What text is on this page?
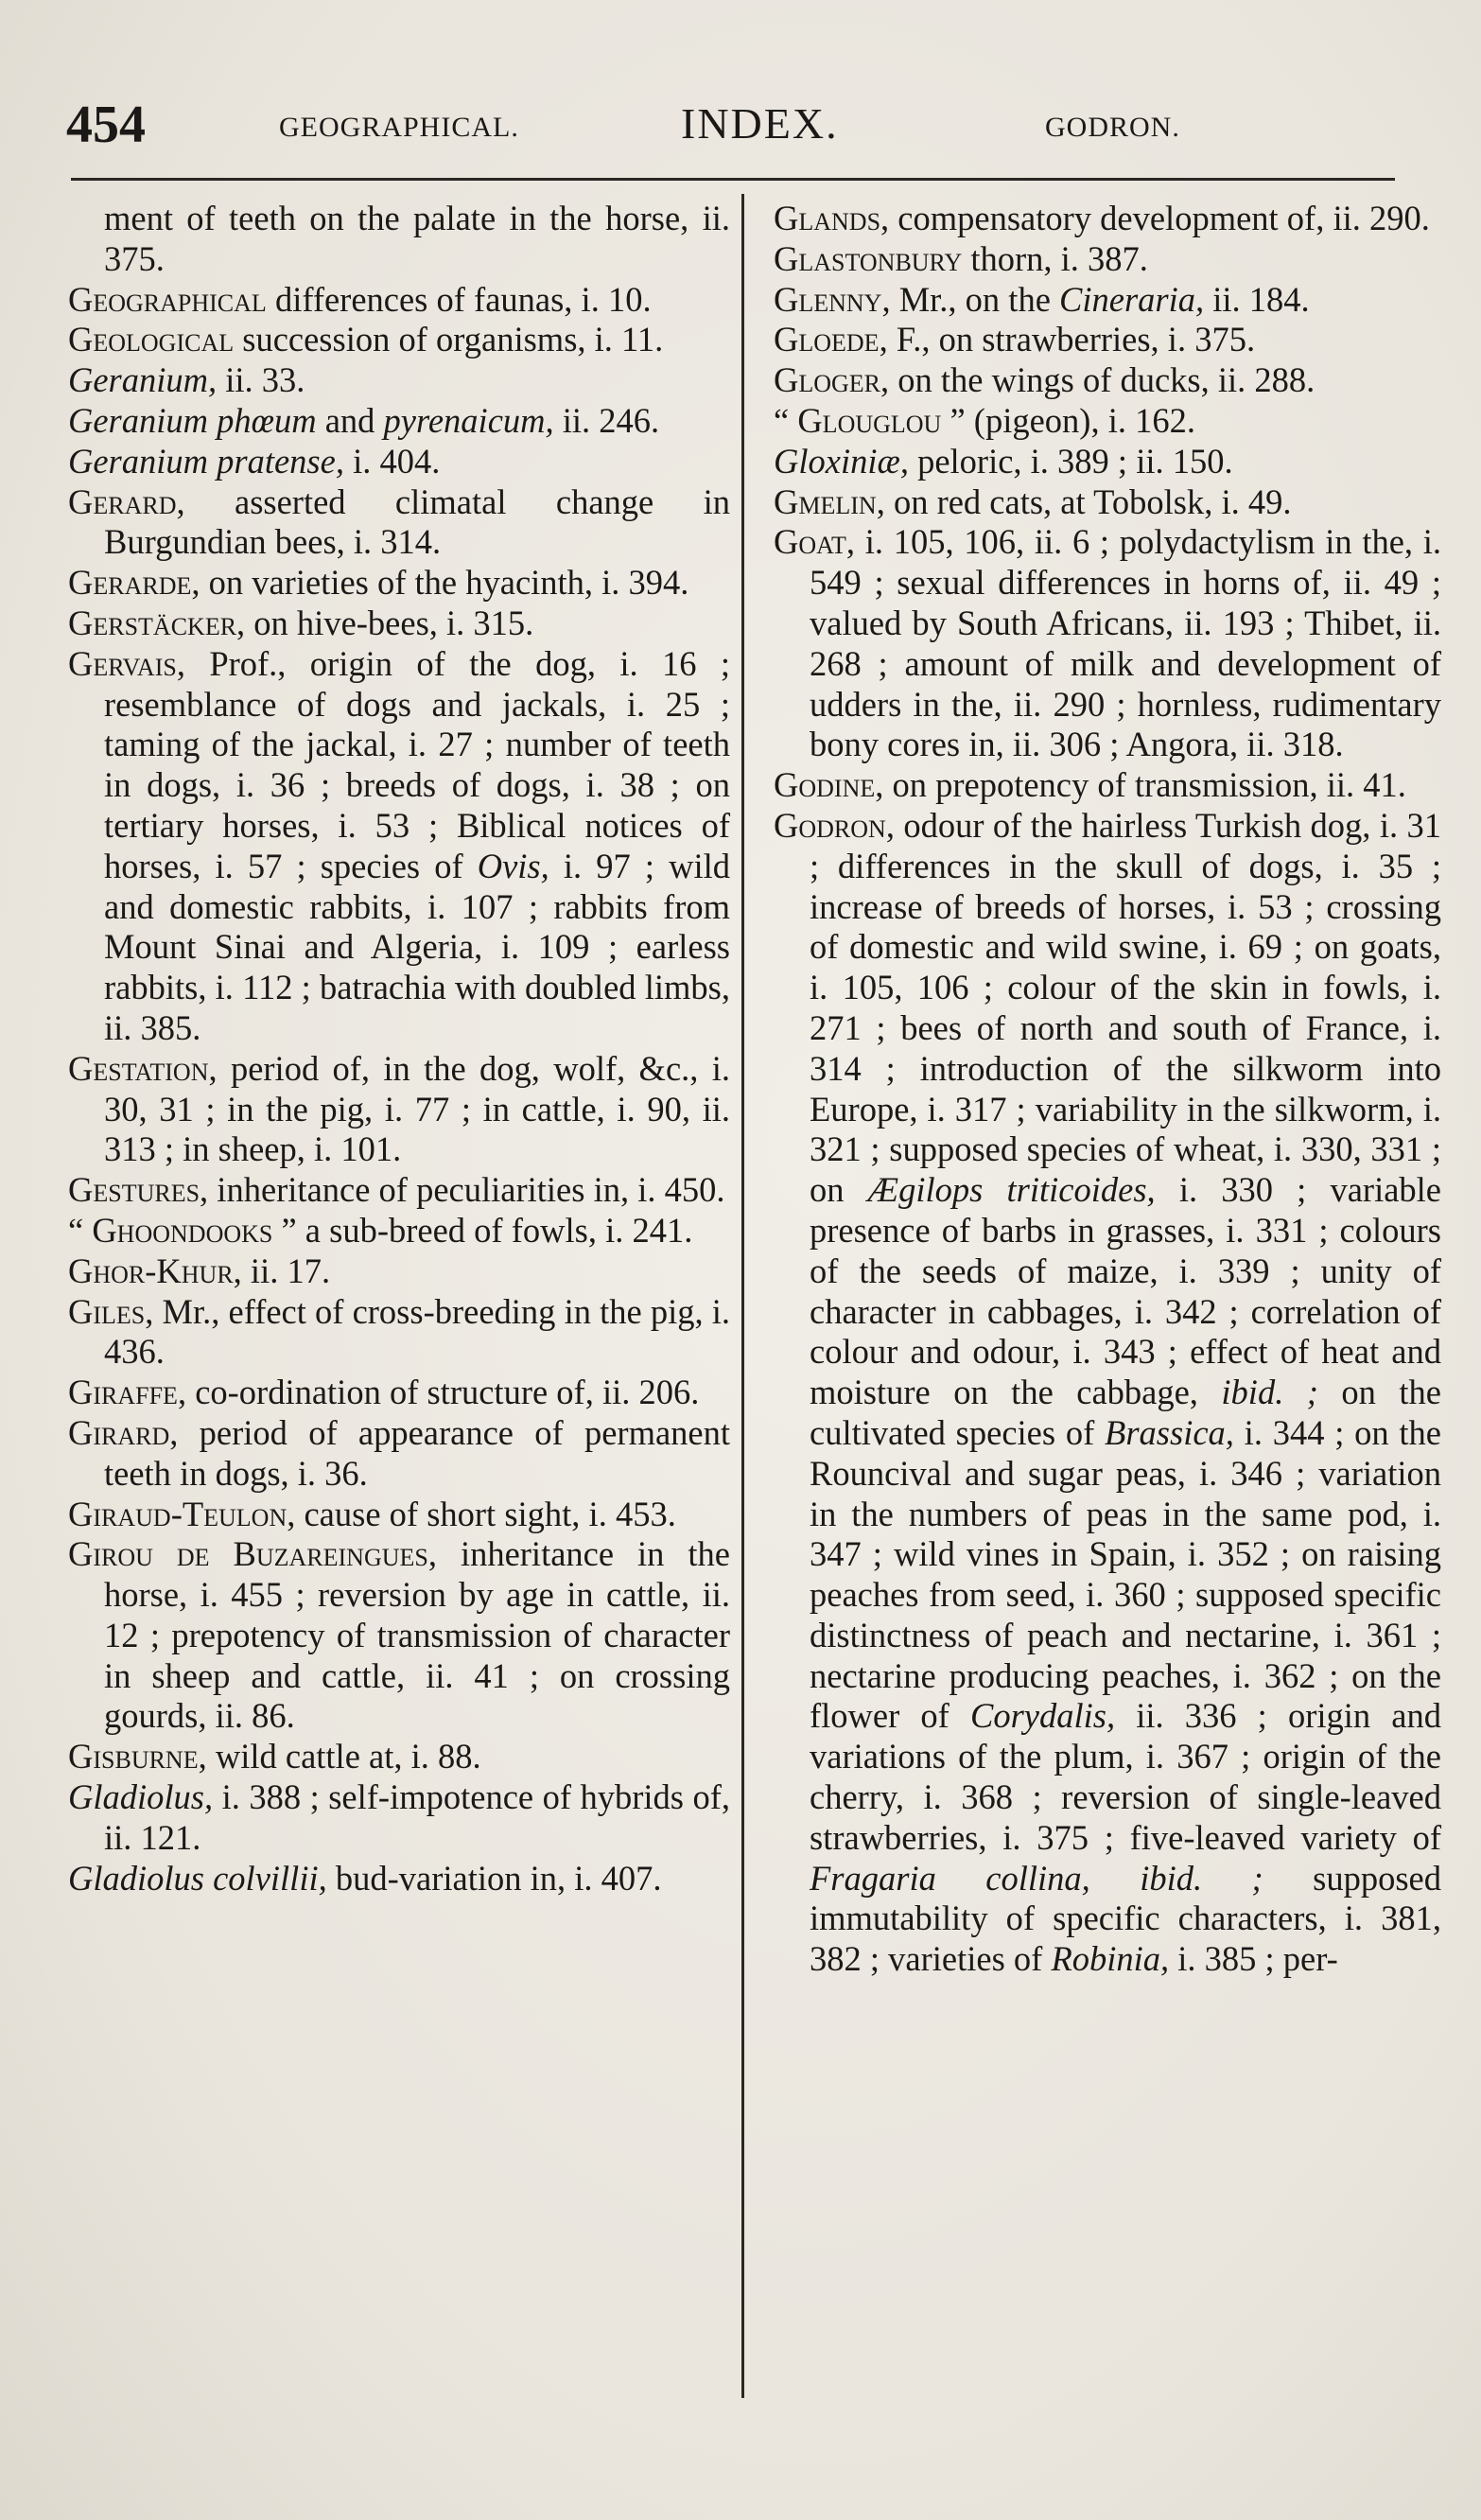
454	GEOGRAPHICAL.	INDEX.	GODRON.
ment of teeth on the palate in the horse, ii. 375.
Geographical differences of faunas, i. 10.
Geological succession of organisms, i. 11.
Geranium, ii. 33.
Geranium phœum and pyrenaicum, ii. 246.
Geranium pratense, i. 404.
Gerard, asserted climatal change in Burgundian bees, i. 314.
Gerarde, on varieties of the hyacinth, i. 394.
Gerstäcker, on hive-bees, i. 315.
Gervais, Prof., origin of the dog, i. 16 ; resemblance of dogs and jackals, i. 25 ; taming of the jackal, i. 27 ; number of teeth in dogs, i. 36 ; breeds of dogs, i. 38 ; on tertiary horses, i. 53 ; Biblical notices of horses, i. 57 ; species of Ovis, i. 97 ; wild and domestic rabbits, i. 107 ; rabbits from Mount Sinai and Algeria, i. 109 ; earless rabbits, i. 112 ; batrachia with doubled limbs, ii. 385.
Gestation, period of, in the dog, wolf, &c., i. 30, 31 ; in the pig, i. 77 ; in cattle, i. 90, ii. 313 ; in sheep, i. 101.
Gestures, inheritance of peculiarities in, i. 450.
“ Ghoondooks ” a sub-breed of fowls, i. 241.
Ghor-Khur, ii. 17.
Giles, Mr., effect of cross-breeding in the pig, i. 436.
Giraffe, co-ordination of structure of, ii. 206.
Girard, period of appearance of permanent teeth in dogs, i. 36.
Giraud-Teulon, cause of short sight, i. 453.
Girou de Buzareingues, inheritance in the horse, i. 455 ; reversion by age in cattle, ii. 12 ; prepotency of transmission of character in sheep and cattle, ii. 41 ; on crossing gourds, ii. 86.
Gisburne, wild cattle at, i. 88.
Gladiolus, i. 388 ; self-impotence of hybrids of, ii. 121.
Gladiolus colvillii, bud-variation in, i. 407.
Glands, compensatory development of, ii. 290.
Glastonbury thorn, i. 387.
Glenny, Mr., on the Cineraria, ii. 184.
Gloede, F., on strawberries, i. 375.
Gloger, on the wings of ducks, ii. 288.
“ Glouglou ” (pigeon), i. 162.
Gloxiniæ, peloric, i. 389 ; ii. 150.
Gmelin, on red cats, at Tobolsk, i. 49.
Goat, i. 105, 106, ii. 6 ; polydactylism in the, i. 549 ; sexual differences in horns of, ii. 49 ; valued by South Africans, ii. 193 ; Thibet, ii. 268 ; amount of milk and development of udders in the, ii. 290 ; hornless, rudimentary bony cores in, ii. 306 ; Angora, ii. 318.
Godine, on prepotency of transmission, ii. 41.
Godron, odour of the hairless Turkish dog, i. 31 ; differences in the skull of dogs, i. 35 ; increase of breeds of horses, i. 53 ; crossing of domestic and wild swine, i. 69 ; on goats, i. 105, 106 ; colour of the skin in fowls, i. 271 ; bees of north and south of France, i. 314 ; introduction of the silkworm into Europe, i. 317 ; variability in the silkworm, i. 321 ; supposed species of wheat, i. 330, 331 ; on Ægilops triticoides, i. 330 ; variable presence of barbs in grasses, i. 331 ; colours of the seeds of maize, i. 339 ; unity of character in cabbages, i. 342 ; correlation of colour and odour, i. 343 ; effect of heat and moisture on the cabbage, ibid. ; on the cultivated species of Brassica, i. 344 ; on the Rouncival and sugar peas, i. 346 ; variation in the numbers of peas in the same pod, i. 347 ; wild vines in Spain, i. 352 ; on raising peaches from seed, i. 360 ; supposed specific distinctness of peach and nectarine, i. 361 ; nectarine producing peaches, i. 362 ; on the flower of Corydalis, ii. 336 ; origin and variations of the plum, i. 367 ; origin of the cherry, i. 368 ; reversion of single-leaved strawberries, i. 375 ; five-leaved variety of Fragaria collina, ibid. ; supposed immutability of specific characters, i. 381, 382 ; varieties of Robinia, i. 385 ; per-
